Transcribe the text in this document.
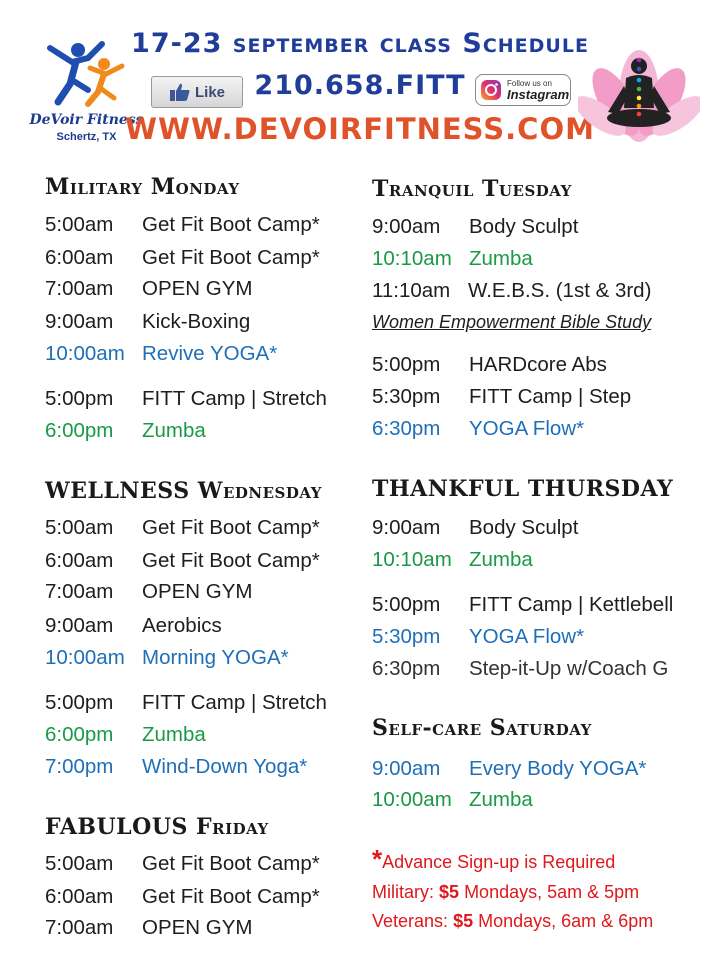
DeVoir Fitness
Schertz, TX
17-23 september class Schedule
210.658.FITT
WWW.DEVOIRFITNESS.COM
Like
Follow us on
Instagram
Military Monday
5:00am Get Fit Boot Camp*
6:00am Get Fit Boot Camp*
7:00am OPEN GYM
9:00am Kick-Boxing
10:00am Revive YOGA*
5:00pm FITT Camp | Stretch
6:00pm Zumba
WELLNESS Wednesday
5:00am Get Fit Boot Camp*
6:00am Get Fit Boot Camp*
7:00am OPEN GYM
9:00am Aerobics
10:00am Morning YOGA*
5:00pm FITT Camp | Stretch
6:00pm Zumba
7:00pm Wind-Down Yoga*
FABULOUS Friday
5:00am Get Fit Boot Camp*
6:00am Get Fit Boot Camp*
7:00am OPEN GYM
Tranquil Tuesday
9:00am Body Sculpt
10:10am Zumba
11:10am W.E.B.S. (1st & 3rd)
Women Empowerment Bible Study
5:00pm HARDcore Abs
5:30pm FITT Camp | Step
6:30pm YOGA Flow*
THANKFUL THURSDAY
9:00am Body Sculpt
10:10am Zumba
5:00pm FITT Camp | Kettlebell
5:30pm YOGA Flow*
6:30pm Step-it-Up w/Coach G
Self-care Saturday
9:00am Every Body YOGA*
10:00am Zumba
*Advance Sign-up is Required
Military: $5 Mondays, 5am & 5pm
Veterans: $5 Mondays, 6am & 6pm
